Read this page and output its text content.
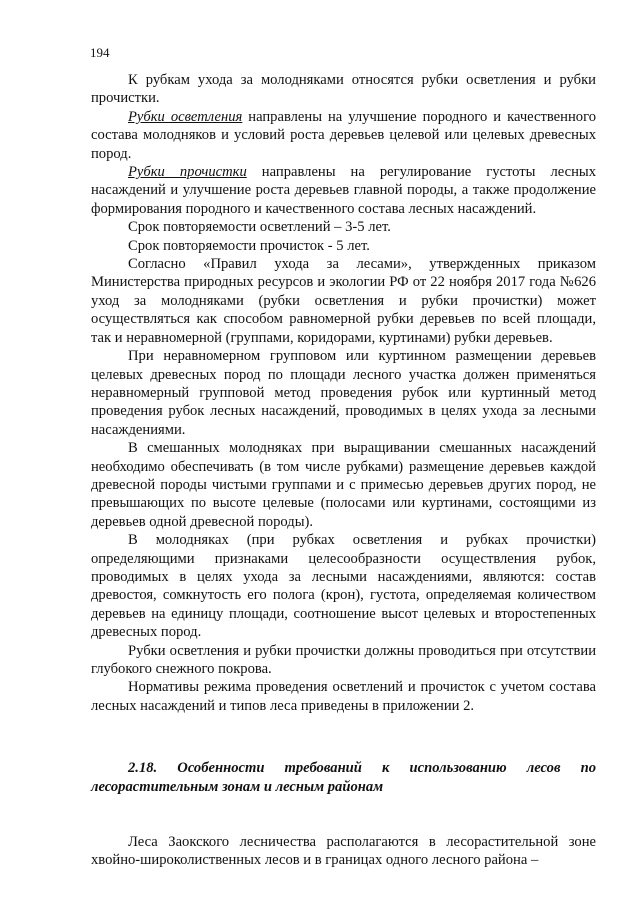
194

К рубкам ухода за молодняками относятся рубки осветления и рубки прочистки.

Рубки осветления направлены на улучшение породного и качественного состава молодняков и условий роста деревьев целевой или целевых древесных пород.

Рубки прочистки направлены на регулирование густоты лесных насаждений и улучшение роста деревьев главной породы, а также продолжение формирования породного и качественного состава лесных насаждений.

Срок повторяемости осветлений – 3-5 лет.

Срок повторяемости прочисток - 5 лет.

Согласно «Правил ухода за лесами», утвержденных приказом Министерства природных ресурсов и экологии РФ от 22 ноября 2017 года №626 уход за молодняками (рубки осветления и рубки прочистки) может осуществляться как способом равномерной рубки деревьев по всей площади, так и неравномерной (группами, коридорами, куртинами) рубки деревьев.

При неравномерном групповом или куртинном размещении деревьев целевых древесных пород по площади лесного участка должен применяться неравномерный групповой метод проведения рубок или куртинный метод проведения рубок лесных насаждений, проводимых в целях ухода за лесными насаждениями.

В смешанных молодняках при выращивании смешанных насаждений необходимо обеспечивать (в том числе рубками) размещение деревьев каждой древесной породы чистыми группами и с примесью деревьев других пород, не превышающих по высоте целевые (полосами или куртинами, состоящими из деревьев одной древесной породы).

В молодняках (при рубках осветления и рубках прочистки) определяющими признаками целесообразности осуществления рубок, проводимых в целях ухода за лесными насаждениями, являются: состав древостоя, сомкнутость его полога (крон), густота, определяемая количеством деревьев на единицу площади, соотношение высот целевых и второстепенных древесных пород.

Рубки осветления и рубки прочистки должны проводиться при отсутствии глубокого снежного покрова.

Нормативы режима проведения осветлений и прочисток с учетом состава лесных насаждений и типов леса приведены в приложении 2.

2.18. Особенности требований к использованию лесов по лесорастительным зонам и лесным районам

Леса Заокского лесничества располагаются в лесорастительной зоне хвойно-широколиственных лесов и в границах одного лесного района –
